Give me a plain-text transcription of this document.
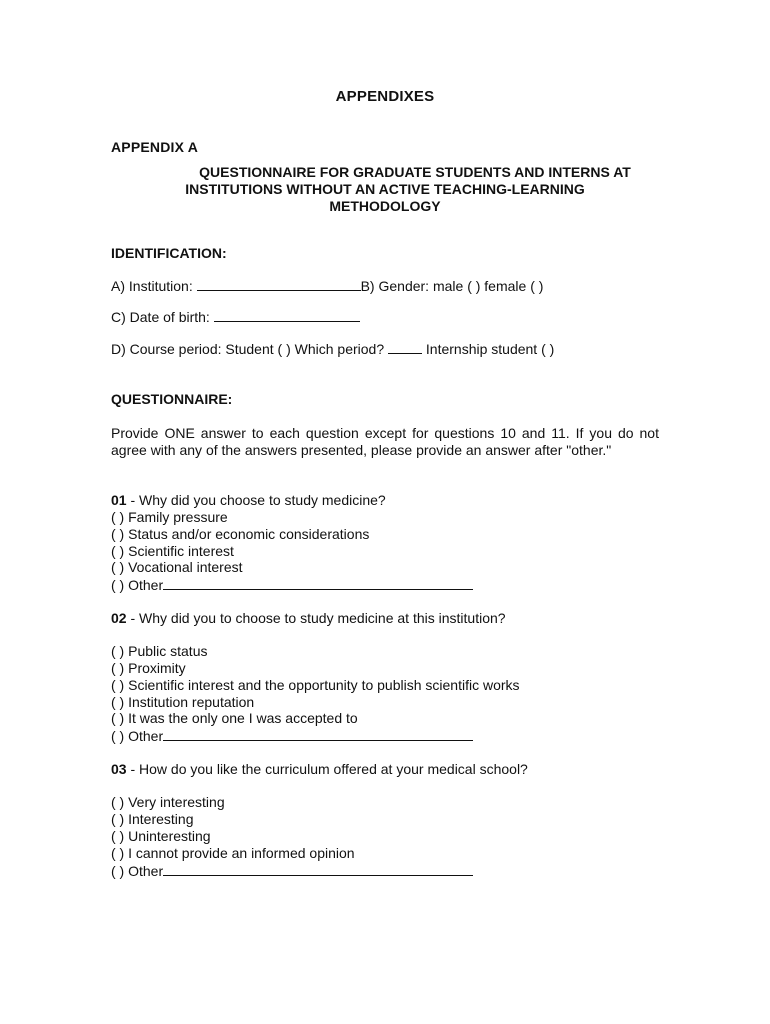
APPENDIXES
APPENDIX A
QUESTIONNAIRE FOR GRADUATE STUDENTS AND INTERNS AT
INSTITUTIONS WITHOUT AN ACTIVE TEACHING-LEARNING
METHODOLOGY
IDENTIFICATION:
A) Institution:	B) Gender: male ( ) female ( )
C) Date of birth:
D) Course period: Student ( ) Which period?  Internship student ( )
QUESTIONNAIRE:
Provide ONE answer to each question except for questions 10 and 11. If you do not agree with any of the answers presented, please provide an answer after "other."
01 - Why did you choose to study medicine?
( ) Family pressure
( ) Status and/or economic considerations
( ) Scientific interest
( ) Vocational interest
( ) Other
02 - Why did you to choose to study medicine at this institution?
( ) Public status
( ) Proximity
( ) Scientific interest and the opportunity to publish scientific works
( ) Institution reputation
( ) It was the only one I was accepted to
( ) Other
03 - How do you like the curriculum offered at your medical school?
( ) Very interesting
( ) Interesting
( ) Uninteresting
( ) I cannot provide an informed opinion
( ) Other
